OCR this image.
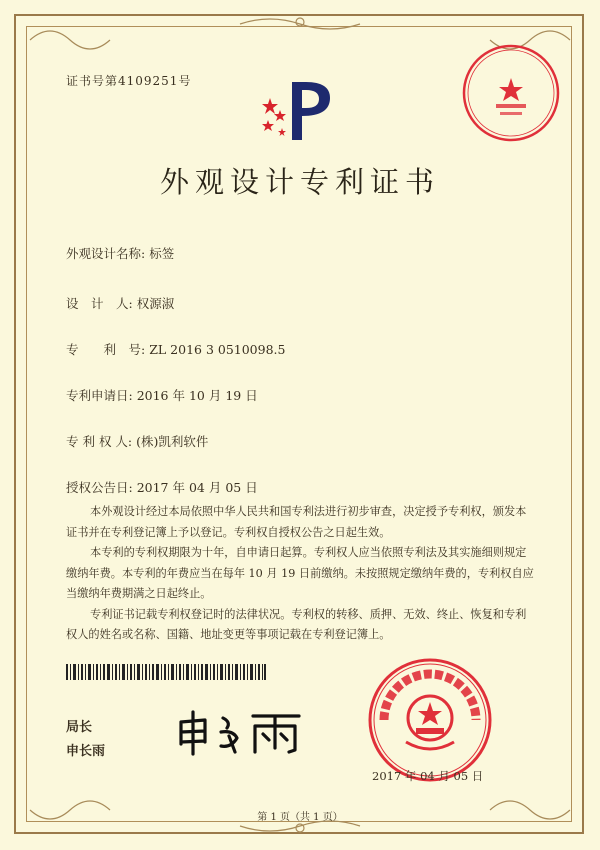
证书号第4109251号
外观设计专利证书
外观设计名称: 标签
设　计　人: 权源淑
专　　利　号: ZL 2016 3 0510098.5
专利申请日: 2016 年 10 月 19 日
专 利 权 人: (株)凯利软件
授权公告日: 2017 年 04 月 05 日

本外观设计经过本局依照中华人民共和国专利法进行初步审查，决定授予专利权，颁发本证书并在专利登记簿上予以登记。专利权自授权公告之日起生效。

本专利的专利权期限为十年，自申请日起算。专利权人应当依照专利法及其实施细则规定缴纳年费。本专利的年费应当在每年 10 月 19 日前缴纳。未按照规定缴纳年费的，专利权自应当缴纳年费期满之日起终止。

专利证书记载专利权登记时的法律状况。专利权的转移、质押、无效、终止、恢复和专利权人的姓名或名称、国籍、地址变更等事项记载在专利登记簿上。

局长
申长雨
2017 年 04 月 05 日
第 1 页（共 1 页）
